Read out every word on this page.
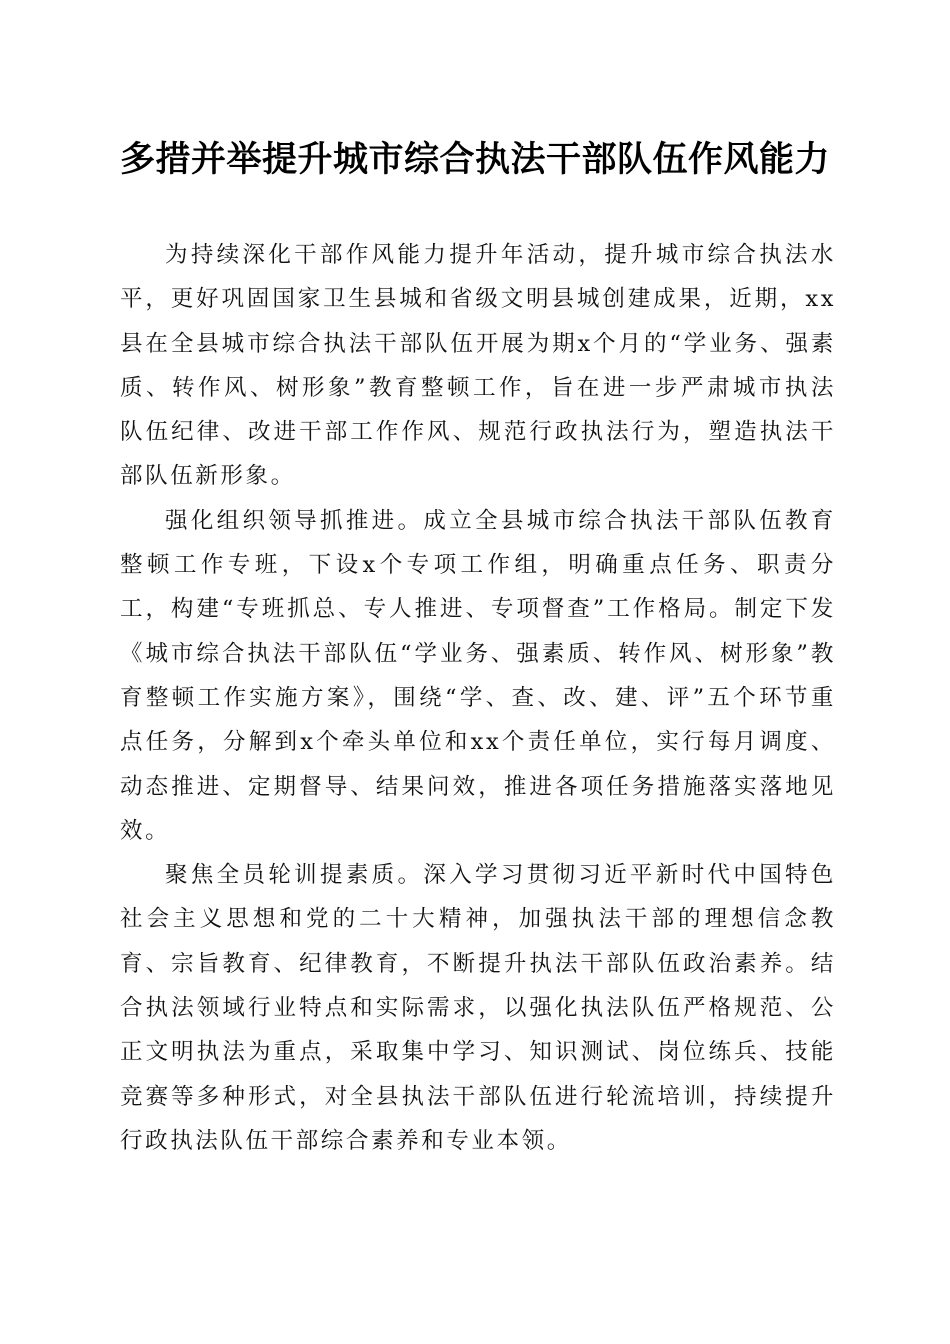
多措并举提升城市综合执法干部队伍作风能力

为持续深化干部作风能力提升年活动，提升城市综合执法水平，更好巩固国家卫生县城和省级文明县城创建成果，近期，xx县在全县城市综合执法干部队伍开展为期x个月的“学业务、强素质、转作风、树形象”教育整顿工作，旨在进一步严肃城市执法队伍纪律、改进干部工作作风、规范行政执法行为，塑造执法干部队伍新形象。

强化组织领导抓推进。成立全县城市综合执法干部队伍教育整顿工作专班，下设x个专项工作组，明确重点任务、职责分工，构建“专班抓总、专人推进、专项督查”工作格局。制定下发《城市综合执法干部队伍“学业务、强素质、转作风、树形象”教育整顿工作实施方案》，围绕“学、查、改、建、评”五个环节重点任务，分解到x个牵头单位和xx个责任单位，实行每月调度、动态推进、定期督导、结果问效，推进各项任务措施落实落地见效。

聚焦全员轮训提素质。深入学习贯彻习近平新时代中国特色社会主义思想和党的二十大精神，加强执法干部的理想信念教育、宗旨教育、纪律教育，不断提升执法干部队伍政治素养。结合执法领域行业特点和实际需求，以强化执法队伍严格规范、公正文明执法为重点，采取集中学习、知识测试、岗位练兵、技能竞赛等多种形式，对全县执法干部队伍进行轮流培训，持续提升行政执法队伍干部综合素养和专业本领。
